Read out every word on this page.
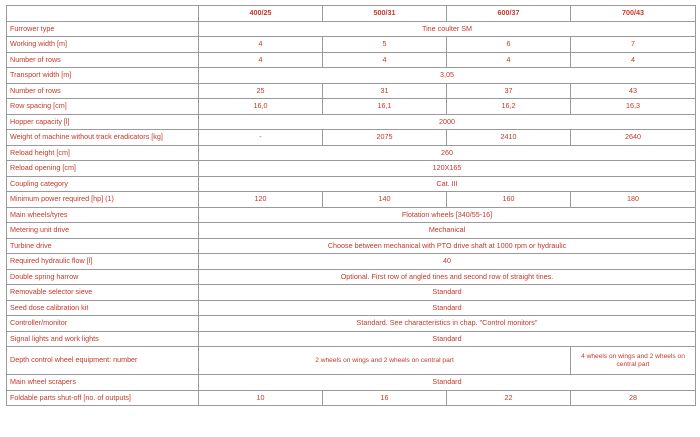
	400/25	500/31	600/37	700/43
Furrower type	Tine coulter SM			
Working width [m]	4	5	6	7
Number of rows	4	4	4	4
Transport width [m]	3,05			
Number of rows	25	31	37	43
Row spacing [cm]	16,0	16,1	16,2	16,3
Hopper capacity [l]	2000			
Weight of machine without track eradicators [kg]	-	2075	2410	2640
Reload height [cm]	260			
Reload opening [cm]	120X165			
Coupling category	Cat. III			
Minimum power required [hp] (1)	120	140	160	180
Main wheels/tyres	Flotation wheels [340/55-16]			
Metering unit drive	Mechanical			
Turbine drive	Choose between mechanical with PTO drive shaft at 1000 rpm or hydraulic			
Required hydraulic flow [l]	40			
Double spring harrow	Optional. First row of angled tines and second row of straight tines.			
Removable selector sieve	Standard			
Seed dose calibration kit	Standard			
Controller/monitor	Standard. See characteristics in chap. "Control monitors"			
Signal lights and work lights	Standard			
Depth control wheel equipment: number	2 wheels on wings and 2 wheels on central part			4 wheels on wings and 2 wheels on central part
Main wheel scrapers	Standard			
Foldable parts shut-off [no. of outputs]	10	16	22	28
